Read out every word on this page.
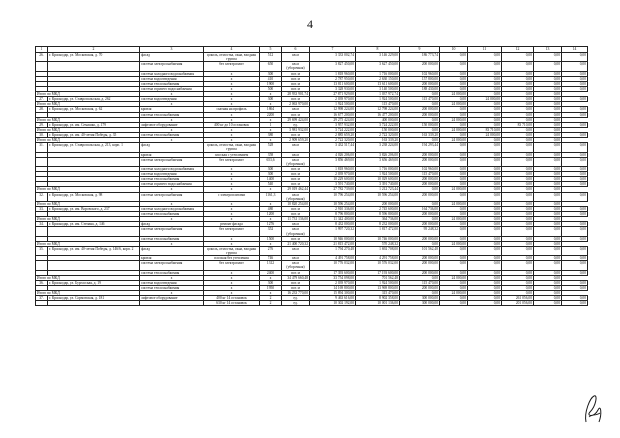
4
1	2	3	4	5	6	7	8	9	10	11	12	13	14
26.	г. Краснодар, ул. Московская, д. 70	фасад	цоколь, отмостка, окна, входная группа	512	кв.м	3 333 002,74	3 146 229,00	186 773,74	0,00	0,00	0,00	0,00	0,00
		система электроснабжения	без электроплит	650	кв.м (уборочная)	3 827 450,00	3 627 450,00	200 000,00	0,00	0,00	0,00	0,00	0,00
		система холодного водоснабжения	х	300	пог. м	1 818 960,00	1 716 000,00	102 960,00	0,00	0,00	0,00	0,00	0,00
		система водоотведения	х	410	пог. м	2 787 950,00	2 630 150,00	157 800,00	0,00	0,00	0,00	0,00	0,00
		система теплоснабжения	х	1900	пог. м	13 811 600,00	13 611 600,00	200 000,00	0,00	0,00	0,00	0,00	0,00
		система горячего водоснабжения	х	500	пог. м	3 328 930,00	3 140 500,00	188 430,00	0,00	0,00	0,00	0,00	0,00
Итого по МКД		х	х	х	28 933 901,74	27 871 929,00	1 037 972,74	0,00	24 000,00	0,00	0,00	0,00	
27.	г. Краснодар, ул. Ставропольская, д. 262	система водоотведения	х	300	пог. м	2 039 970,00	1 924 500,00	115 470,00	0,00	24 000,00	0,00	0,00	0,00
Итого по МКД		х	х	х	2 063 970,00	1 924 500,00	115 470,00	0,00	24 000,00	0,00	0,00	0,00	
28.	г. Краснодар, ул. Московская, д. 62	кровля	скатная на профиль	1864	кв.м	12 998 224,00	12 798 224,00	200 000,00	0,00	0,00	0,00	0,00	0,00
		система теплоснабжения	х	2200	пог. м	16 677 200,00	16 477 200,00	200 000,00	0,00	0,00	0,00	0,00	0,00
Итого по МКД		х	х	х	29 699 424,00	29 275 424,00	400 000,00	0,00	24 000,00	0,00	0,00	0,00	
29.	г. Краснодар, ул. им. Семашко, д. 179	лифтовое оборудование	400 кг до 10 остановок	1	ед.	3 957 932,00	3 724 222,00	150 000,00	0,00	0,00	83 710,00	0,00	0,00
Итого по МКД		х	х	х	3 981 932,00	3 724 222,00	150 000,00	0,00	24 000,00	83 710,00	0,00	0,00	
30.	г. Краснодар, ул. им. 40-летия Победы, д. 35	система теплоснабжения	х	380	пог. м	2 885 659,20	2 722 320,00	163 339,20	0,00	24 000,00	0,00	0,00	0,00
Итого по МКД		х	х	х	2 909 659,20	2 722 320,00	163 339,20	0,00	24 000,00	0,00	0,00	0,00	
31.	г. Краснодар, ул. Ставропольская, д. 213, корп. 1	фасад	цоколь, отмостка, окна, входная группа	528	кв.м	3 432 517,44	3 238 224,00	194 293,44	0,00	0,00	0,00	0,00	0,00
		кровля	плоская с утеплением	358	кв.м	4 026 206,00	3 826 206,00	200 000,00	0,00	0,00	0,00	0,00	0,00
		система электроснабжения	без электроплит	653,6	кв.м (уборочная)	3 856 469,00	3 656 469,00	200 000,00	0,00	0,00	0,00	0,00	0,00
		система холодного водоснабжения	х	300	пог. м	1 818 960,00	1 716 000,00	102 960,00	0,00	0,00	0,00	0,00	0,00
		система водоотведения	х	300	пог. м	2 039 970,00	1 924 500,00	115 470,00	0,00	0,00	0,00	0,00	0,00
		система теплоснабжения	х	1400	пог. м	10 229 600,00	10 029 600,00	200 000,00	0,00	0,00	0,00	0,00	0,00
		система горячего водоснабжения	х	540	пог. м	3 591 740,00	3 391 740,00	200 000,00	0,00	0,00	0,00	0,00	0,00
Итого по МКД		х	х	х	29 019 462,44	27 782 739,00	1 212 723,44	0,00	24 000,00	0,00	0,00	0,00	
32.	г. Краснодар, ул. Московская, д. 98	система электроснабжения	с электроплитами	1161,3	кв.м (уборочная)	10 796 254,00	10 596 254,00	200 000,00	0,00	0,00	0,00	0,00	0,00
Итого по МКД		х	х	х	10 820 254,00	10 596 254,00	200 000,00	0,00	24 000,00	0,00	0,00	0,00	
33.	г. Краснодар, ул. им. Воровского, д. 237	система холодного водоснабжения	х	480	пог. м	2 910 336,00	2 745 600,00	164 736,00	0,00	0,00	0,00	0,00	0,00
		система теплоснабжения	х	1200	пог. м	8 796 800,00	8 596 800,00	200 000,00	0,00	0,00	0,00	0,00	0,00
Итого по МКД		х	х	х	11 731 136,00	11 342 400,00	364 736,00	0,00	24 000,00	0,00	0,00	0,00	
34.	г. Краснодар, ул. им. Степана, д. 146	фасад	ремонт фасада	1276	кв.м	8 432 000,00	8 232 000,00	200 000,00	0,00	0,00	0,00	0,00	0,00
		система электроснабжения	без электроплит	352	кв.м (уборочная)	1 997 720,32	1 817 472,00	95 248,32	0,00	0,00	0,00	0,00	0,00
		система теплоснабжения	х	1500	пог. м	10 946 000,00	10 746 000,00	200 000,00	0,00	0,00	0,00	0,00	0,00
Итого по МКД		х	х	х	21 400 720,32	21 815 472,00	570 248,32	0,00	24 000,00	0,00	0,00	0,00	
35.	г. Краснодар, ул. им. 40-летия Победы, д. 146/6, корп. 2	фасад	цоколь, отмостка, окна, входная группа	276	кв.м	1 794 270,48	1 692 708,00	101 562,48	0,00	0,00	0,00	0,00	0,00
		кровля	плоская без утепления	746	кв.м	4 491 758,00	4 291 758,00	200 000,00	0,00	0,00	0,00	0,00	0,00
		система электроснабжения	без электроплит	1312	кв.м (уборочная)	10 776 032,00	10 576 032,00	200 000,00	0,00	0,00	0,00	0,00	0,00
		система теплоснабжения	х	2400	пог. м	17 393 600,00	17 193 600,00	200 000,00	0,00	0,00	0,00	0,00	0,00
Итого по МКД		х	х	х	34 479 660,48	33 754 098,00	701 562,48	0,00	24 000,00	0,00	0,00	0,00	
36.	г. Краснодар, ул. Бургасская, д. 19	система водоотведения	х	300	пог. м	2 039 970,00	1 924 500,00	115 470,00	0,00	0,00	0,00	0,00	0,00
		система теплоснабжения	х	1950	пог. м	14 169 800,00	13 969 800,00	200 000,00	0,00	0,00	0,00	0,00	0,00
Итого по МКД		х	х	х	16 233 770,00	15 894 300,00	315 470,00	0,00	24 000,00	0,00	0,00	0,00	
37.	г. Краснодар, ул. Сормовская, д. 181	лифтовое оборудование	400 кг 14 остановок	2	ед.	9 463 616,00	8 902 358,00	300 000,00	0,00	0,00	261 056,00	0,00	0,00
			630 кг 14 остановок	2	ед.	10 302 192,00	10 001 136,00	300 000,00	0,00	0,00	201 056,00	0,00	0,00
